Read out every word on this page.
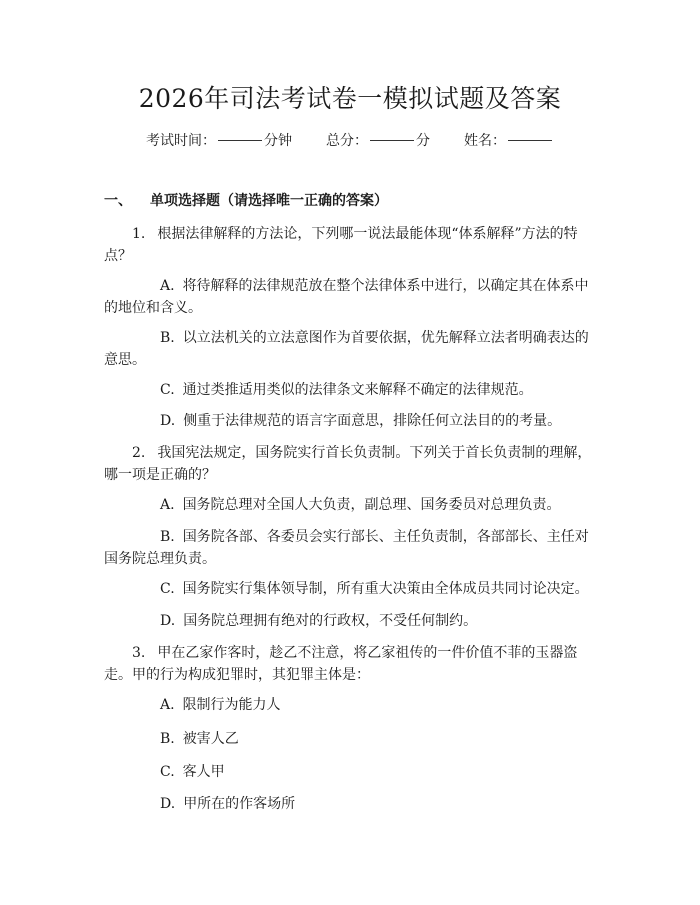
2026年司法考试卷一模拟试题及答案
考试时间：	分钟 总分：	分 姓名：
一、 单项选择题（请选择唯一正确的答案）

1. 根据法律解释的方法论，下列哪一说法最能体现“体系解释”方法的特点？

A. 将待解释的法律规范放在整个法律体系中进行，以确定其在体系中的地位和含义。

B. 以立法机关的立法意图作为首要依据，优先解释立法者明确表达的意思。

C. 通过类推适用类似的法律条文来解释不确定的法律规范。

D. 侧重于法律规范的语言字面意思，排除任何立法目的的考量。

2. 我国宪法规定，国务院实行首长负责制。下列关于首长负责制的理解，哪一项是正确的？

A. 国务院总理对全国人大负责，副总理、国务委员对总理负责。

B. 国务院各部、各委员会实行部长、主任负责制，各部部长、主任对国务院总理负责。

C. 国务院实行集体领导制，所有重大决策由全体成员共同讨论决定。

D. 国务院总理拥有绝对的行政权，不受任何制约。

3. 甲在乙家作客时，趁乙不注意，将乙家祖传的一件价值不菲的玉器盗走。甲的行为构成犯罪时，其犯罪主体是：

A. 限制行为能力人

B. 被害人乙

C. 客人甲

D. 甲所在的作客场所
